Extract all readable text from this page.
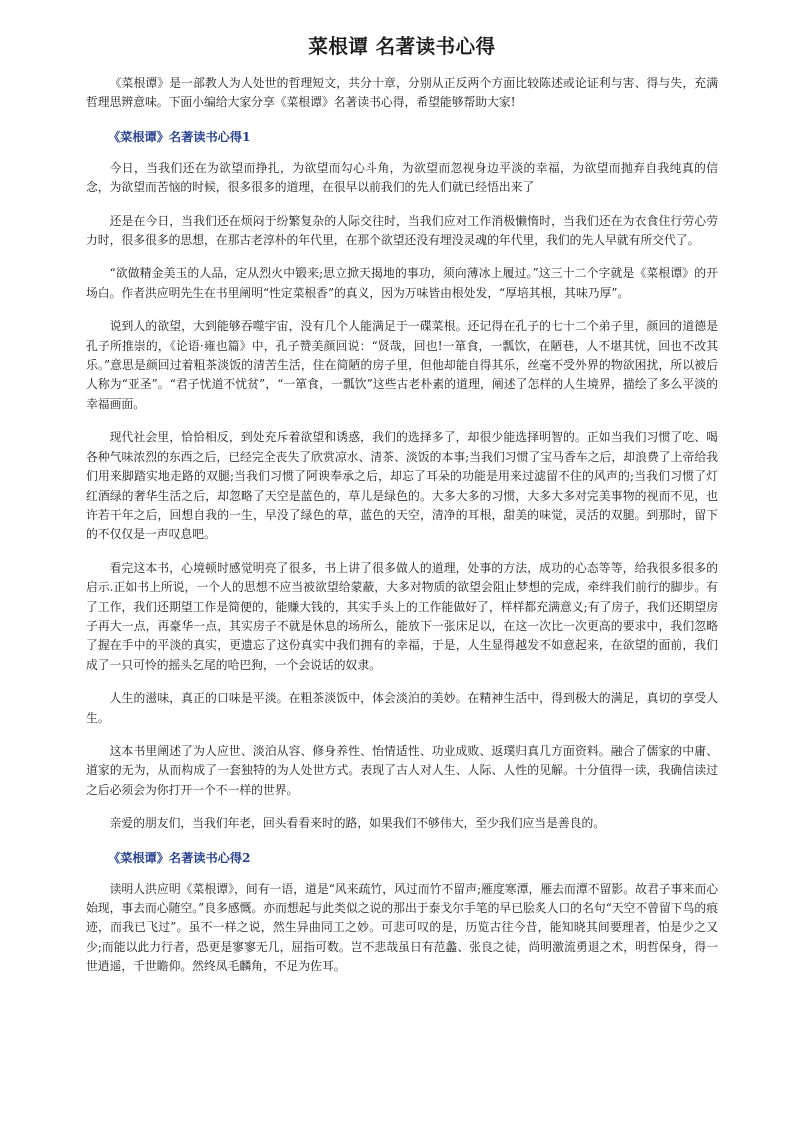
菜根谭 名著读书心得

《菜根谭》是一部教人为人处世的哲理短文，共分十章，分别从正反两个方面比较陈述或论证利与害、得与失，充满哲理思辨意味。下面小编给大家分享《菜根谭》名著读书心得，希望能够帮助大家!

《菜根谭》名著读书心得1

今日，当我们还在为欲望而挣扎，为欲望而勾心斗角，为欲望而忽视身边平淡的幸福，为欲望而抛弃自我纯真的信念，为欲望而苦恼的时候，很多很多的道理，在很早以前我们的先人们就已经悟出来了

还是在今日，当我们还在烦闷于纷繁复杂的人际交往时，当我们应对工作消极懒惰时，当我们还在为衣食住行劳心劳力时，很多很多的思想，在那古老淳朴的年代里，在那个欲望还没有埋没灵魂的年代里，我们的先人早就有所交代了。

“欲做精金美玉的人品，定从烈火中锻来;思立掀天揭地的事功，须向薄冰上履过。”这三十二个字就是《菜根谭》的开场白。作者洪应明先生在书里阐明“性定菜根香”的真义，因为万味皆由根处发，“厚培其根，其味乃厚”。

说到人的欲望，大到能够吞噬宇宙，没有几个人能满足于一碟菜根。还记得在孔子的七十二个弟子里，颜回的道德是孔子所推崇的，《论语·雍也篇》中，孔子赞美颜回说：“贤哉，回也!一箪食，一瓢饮，在陋巷，人不堪其忧，回也不改其乐。”意思是颜回过着粗茶淡饭的清苦生活，住在简陋的房子里，但他却能自得其乐，丝毫不受外界的物欲困扰，所以被后人称为“亚圣”。“君子忧道不忧贫”，“一箪食，一瓢饮”这些古老朴素的道理，阐述了怎样的人生境界，描绘了多么平淡的幸福画面。

现代社会里，恰恰相反，到处充斥着欲望和诱惑，我们的选择多了，却很少能选择明智的。正如当我们习惯了吃、喝各种气味浓烈的东西之后，已经完全丧失了欣赏凉水、清茶、淡饭的本事;当我们习惯了宝马香车之后，却浪费了上帝给我们用来脚踏实地走路的双腿;当我们习惯了阿谀奉承之后，却忘了耳朵的功能是用来过滤留不住的风声的;当我们习惯了灯红酒绿的奢华生活之后，却忽略了天空是蓝色的，草儿是绿色的。大多大多的习惯，大多大多对完美事物的视而不见，也许若干年之后，回想自我的一生，早没了绿色的草，蓝色的天空，清净的耳根，甜美的味觉，灵活的双腿。到那时，留下的不仅仅是一声叹息吧。

看完这本书，心境顿时感觉明亮了很多，书上讲了很多做人的道理，处事的方法，成功的心态等等，给我很多很多的启示.正如书上所说，一个人的思想不应当被欲望给蒙蔽，大多对物质的欲望会阻止梦想的完成，牵绊我们前行的脚步。有了工作，我们还期望工作是简便的，能赚大钱的，其实手头上的工作能做好了，样样都充满意义;有了房子，我们还期望房子再大一点，再豪华一点，其实房子不就是休息的场所么，能放下一张床足以，在这一次比一次更高的要求中，我们忽略了握在手中的平淡的真实，更遗忘了这份真实中我们拥有的幸福，于是，人生显得越发不如意起来，在欲望的面前，我们成了一只可怜的摇头乞尾的哈巴狗，一个会说话的奴隶。

人生的滋味，真正的口味是平淡。在粗茶淡饭中，体会淡泊的美妙。在精神生活中，得到极大的满足，真切的享受人生。

这本书里阐述了为人应世、淡泊从容、修身养性、怡情适性、功业成败、返璞归真几方面资料。融合了儒家的中庸、道家的无为，从而构成了一套独特的为人处世方式。表现了古人对人生、人际、人性的见解。十分值得一读，我确信读过之后必须会为你打开一个不一样的世界。

亲爱的朋友们，当我们年老，回头看看来时的路，如果我们不够伟大，至少我们应当是善良的。

《菜根谭》名著读书心得2

读明人洪应明《菜根谭》，间有一语，道是“风来疏竹，风过而竹不留声;雁度寒潭，雁去而潭不留影。故君子事来而心始现，事去而心随空。”良多感慨。亦而想起与此类似之说的那出于泰戈尔手笔的早已脍炙人口的名句“天空不曾留下鸟的痕迹，而我已飞过”。虽不一样之说，然生异曲同工之妙。可悲可叹的是，历览古往今昔，能知晓其间要理者，怕是少之又少;而能以此力行者，恐更是寥寥无几，屈指可数。岂不悲哉虽日有范蠡、张良之徒，尚明激流勇退之术，明哲保身，得一世逍遥，千世瞻仰。然终凤毛麟角，不足为佐耳。
